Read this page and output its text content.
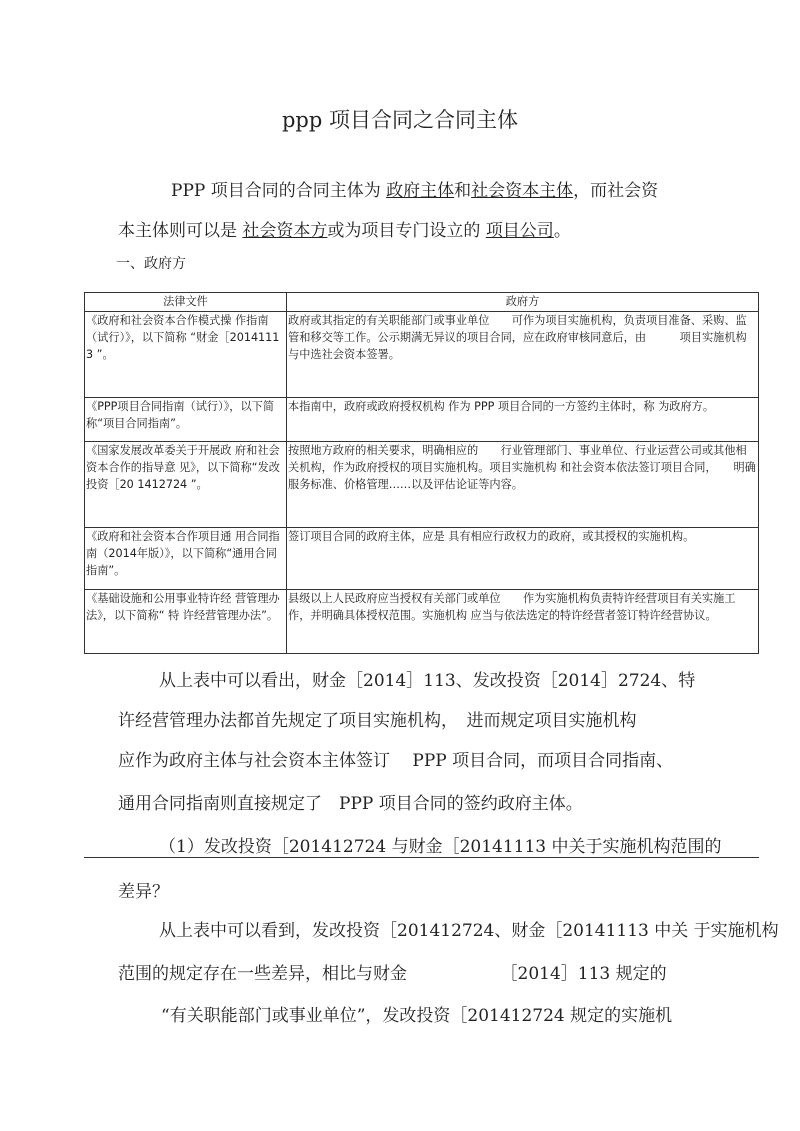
ppp 项目合同之合同主体
PPP 项目合同的合同主体为 政府主体和社会资本主体，而社会资
本主体则可以是 社会资本方或为项目专门设立的 项目公司。
一、政府方
法律文件	政府方
《政府和社会资本合作模式操 作指南（试行）》，以下简称 “财金［20141113 ”。	政府或其指定的有关职能部门或事业单位　　可作为项目实施机构，负责项目准备、采购、监管和移交等工作。公示期满无异议的项目合同，应在政府审核同意后，由　　　项目实施机构 与中选社会资本签署。
《PPP项目合同指南（试行）》，以下简称“项目合同指南”。	本指南中，政府或政府授权机构 作为 PPP 项目合同的一方签约主体时，称 为政府方。
《国家发展改革委关于开展政 府和社会资本合作的指导意 见》，以下简称“发改投资［20 1412724 ”。	按照地方政府的相关要求，明确相应的　　行业管理部门、事业单位、行业运营公司或其他相关机构，作为政府授权的项目实施机构。项目实施机构 和社会资本依法签订项目合同，　　明确服务标准、价格管理……以及评估论证等内容。
《政府和社会资本合作项目通 用合同指南（2014年版）》，以下简称“通用合同指南”。	签订项目合同的政府主体，应是 具有相应行政权力的政府，或其授权的实施机构。
《基础设施和公用事业特许经 营管理办法》，以下简称“ 特 许经营管理办法”。	县级以上人民政府应当授权有关部门或单位　　作为实施机构负责特许经营项目有关实施工作，并明确具体授权范围。实施机构 应当与依法选定的特许经营者签订特许经营协议。
从上表中可以看出，财金［2014］113、发改投资［2014］2724、特
许经营管理办法都首先规定了项目实施机构，　进而规定项目实施机构
应作为政府主体与社会资本主体签订　 PPP 项目合同，而项目合同指南、
通用合同指南则直接规定了　PPP 项目合同的签约政府主体。
（1）发改投资［201412724 与财金［20141113 中关于实施机构范围的
差异？
从上表中可以看到，发改投资［201412724、财金［20141113 中关 于实施机构
范围的规定存在一些差异，相比与财金　　　　　　［2014］113 规定的
“有关职能部门或事业单位”，发改投资［201412724 规定的实施机
